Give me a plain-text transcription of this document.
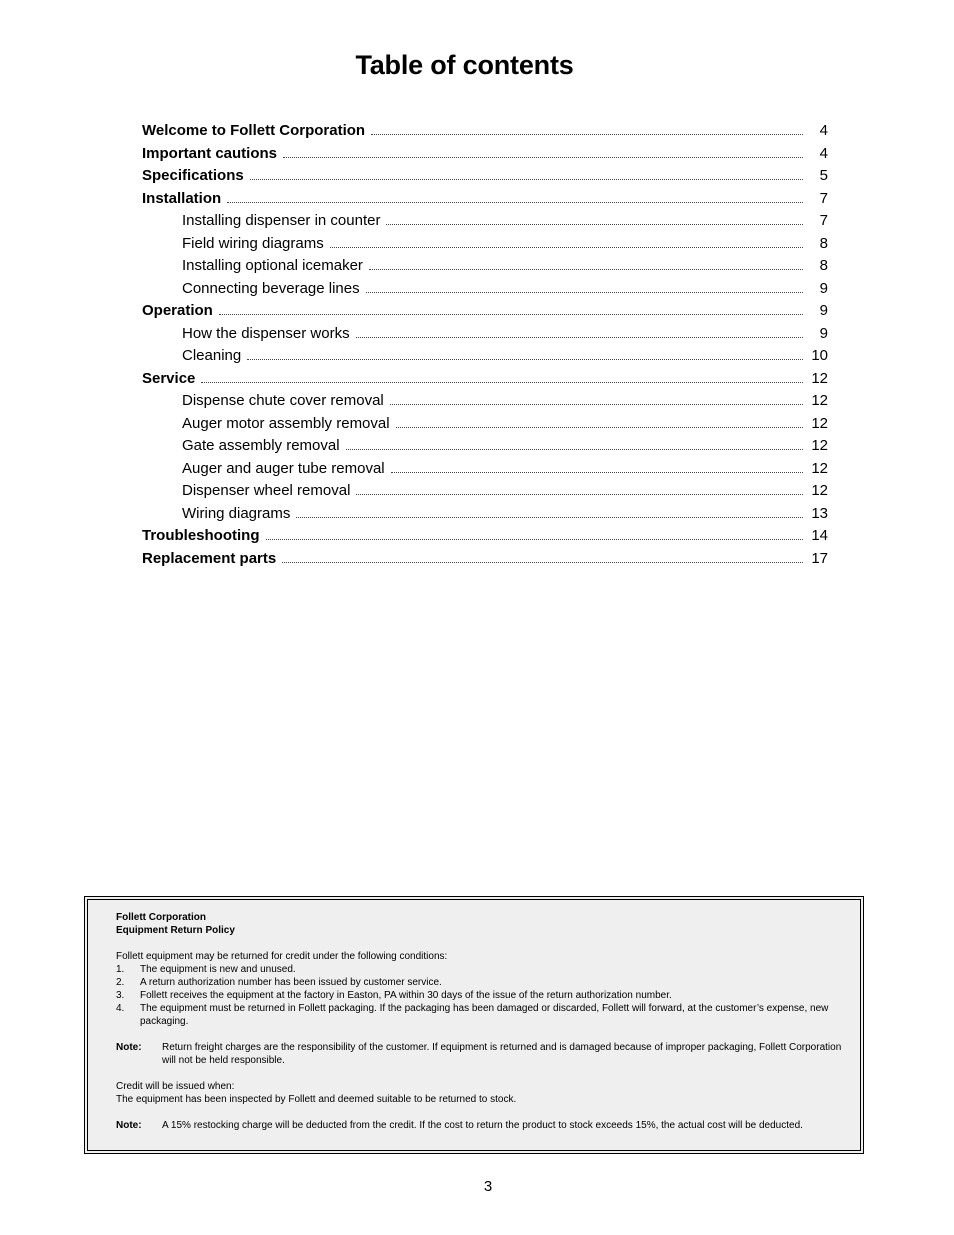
Table of contents
Welcome to Follett Corporation	4
Important cautions	4
Specifications	5
Installation	7
Installing dispenser in counter	7
Field wiring diagrams	8
Installing optional icemaker	8
Connecting beverage lines	9
Operation	9
How the dispenser works	9
Cleaning	10
Service	12
Dispense chute cover removal	12
Auger motor assembly removal	12
Gate assembly removal	12
Auger and auger tube removal	12
Dispenser wheel removal	12
Wiring diagrams	13
Troubleshooting	14
Replacement parts	17

Follett Corporation

Equipment Return Policy

Follett equipment may be returned for credit under the following conditions:

1.	The equipment is new and unused.
2.	A return authorization number has been issued by customer service.
3.	Follett receives the equipment at the factory in Easton, PA within 30 days of the issue of the return authorization number.
4.	The equipment must be returned in Follett packaging. If the packaging has been damaged or discarded, Follett will forward, at the customer’s expense, new packaging.
Note:	Return freight charges are the responsibility of the customer. If equipment is returned and is damaged because of improper packaging, Follett Corporation will not be held responsible.

Credit will be issued when:

The equipment has been inspected by Follett and deemed suitable to be returned to stock.

Note:	A 15% restocking charge will be deducted from the credit. If the cost to return the product to stock exceeds 15%, the actual cost will be deducted.
3
